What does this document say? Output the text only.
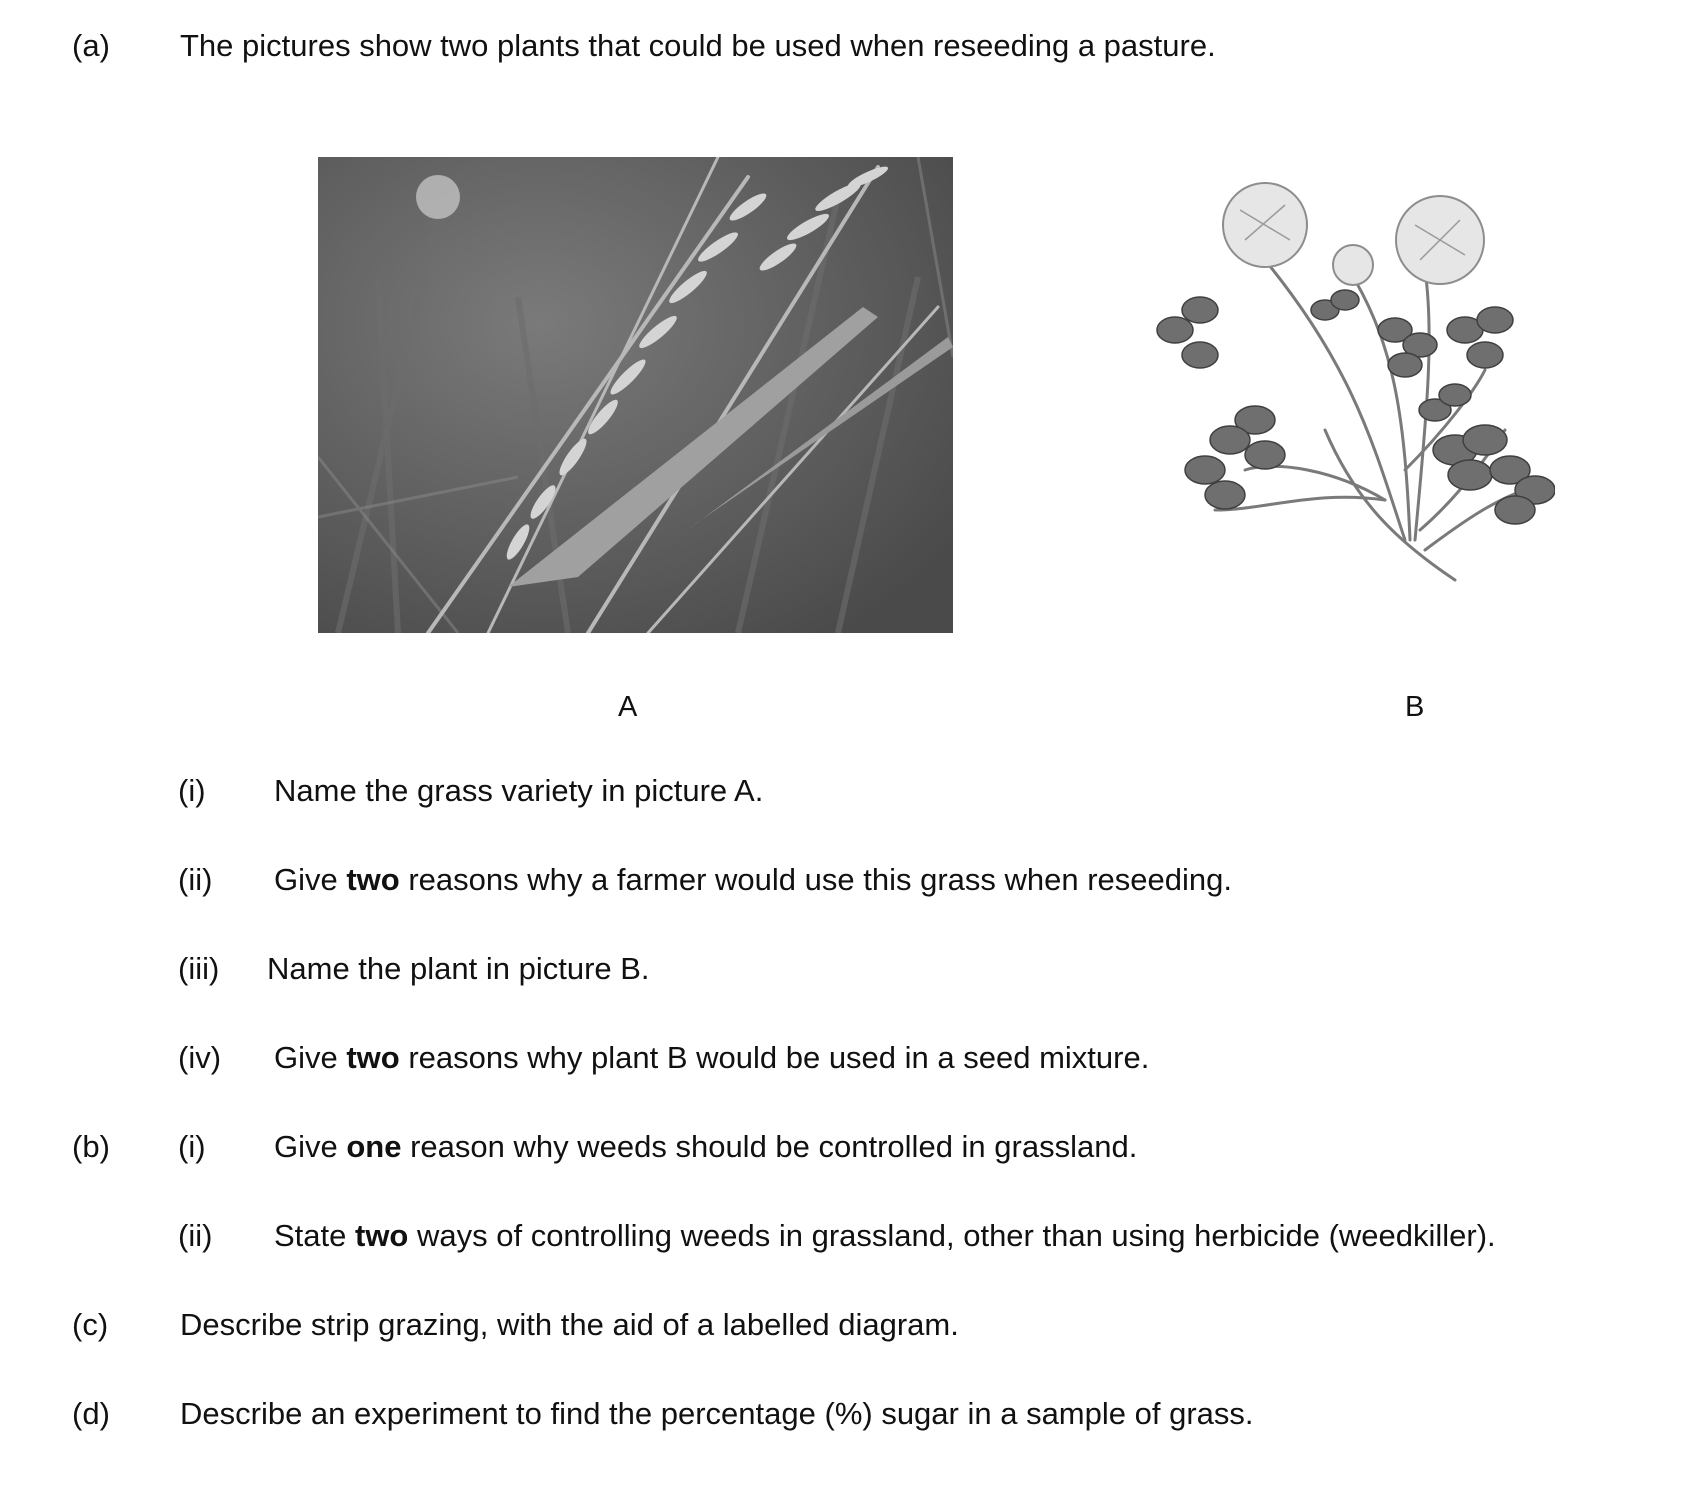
(a) The pictures show two plants that could be used when reseeding a pasture.
A	B
(i) Name the grass variety in picture A.
(ii) Give two reasons why a farmer would use this grass when reseeding.
(iii) Name the plant in picture B.
(iv) Give two reasons why plant B would be used in a seed mixture.
(b) (i) Give one reason why weeds should be controlled in grassland.
(ii) State two ways of controlling weeds in grassland, other than using herbicide (weedkiller).
(c) Describe strip grazing, with the aid of a labelled diagram.
(d) Describe an experiment to find the percentage (%) sugar in a sample of grass.
